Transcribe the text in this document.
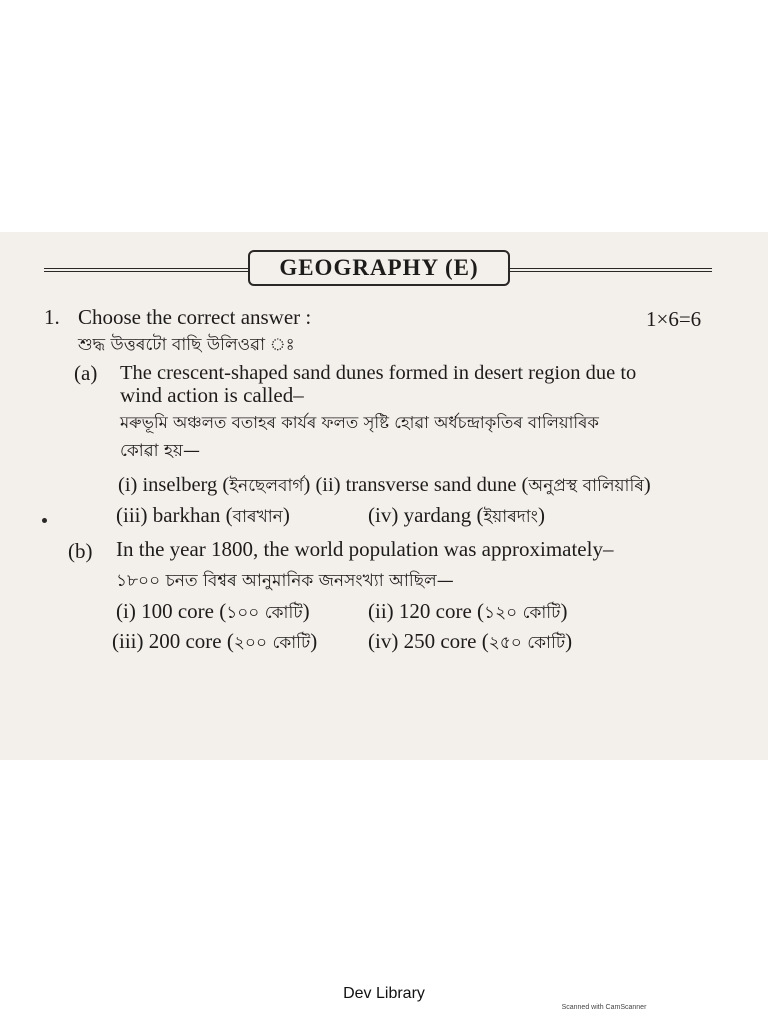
GEOGRAPHY (E)
1. Choose the correct answer :	1×6=6
শুদ্ধ উত্তৰটো বাছি উলিওৱা ঃ
(a) The crescent-shaped sand dunes formed in desert region due to
wind action is called–
মৰুভূমি অঞ্চলত বতাহৰ কাৰ্যৰ ফলত সৃষ্টি হোৱা অৰ্ধচন্দ্ৰাকৃতিৰ বালিয়াৰিক
কোৱা হয়—
(i) inselberg (ইনছেলবাৰ্গ) (ii) transverse sand dune (অনুপ্ৰস্থ বালিয়াৰি)
(iii) barkhan (বাৰখান)	(iv) yardang (ইয়াৰদাং)
(b) In the year 1800, the world population was approximately–
১৮০০ চনত বিশ্বৰ আনুমানিক জনসংখ্যা আছিল—
(i) 100 core (১০০ কোটি)	(ii) 120 core (১২০ কোটি)
(iii) 200 core (২০০ কোটি) (iv) 250 core (২৫০ কোটি)
Dev Library
Scanned with CamScanner
